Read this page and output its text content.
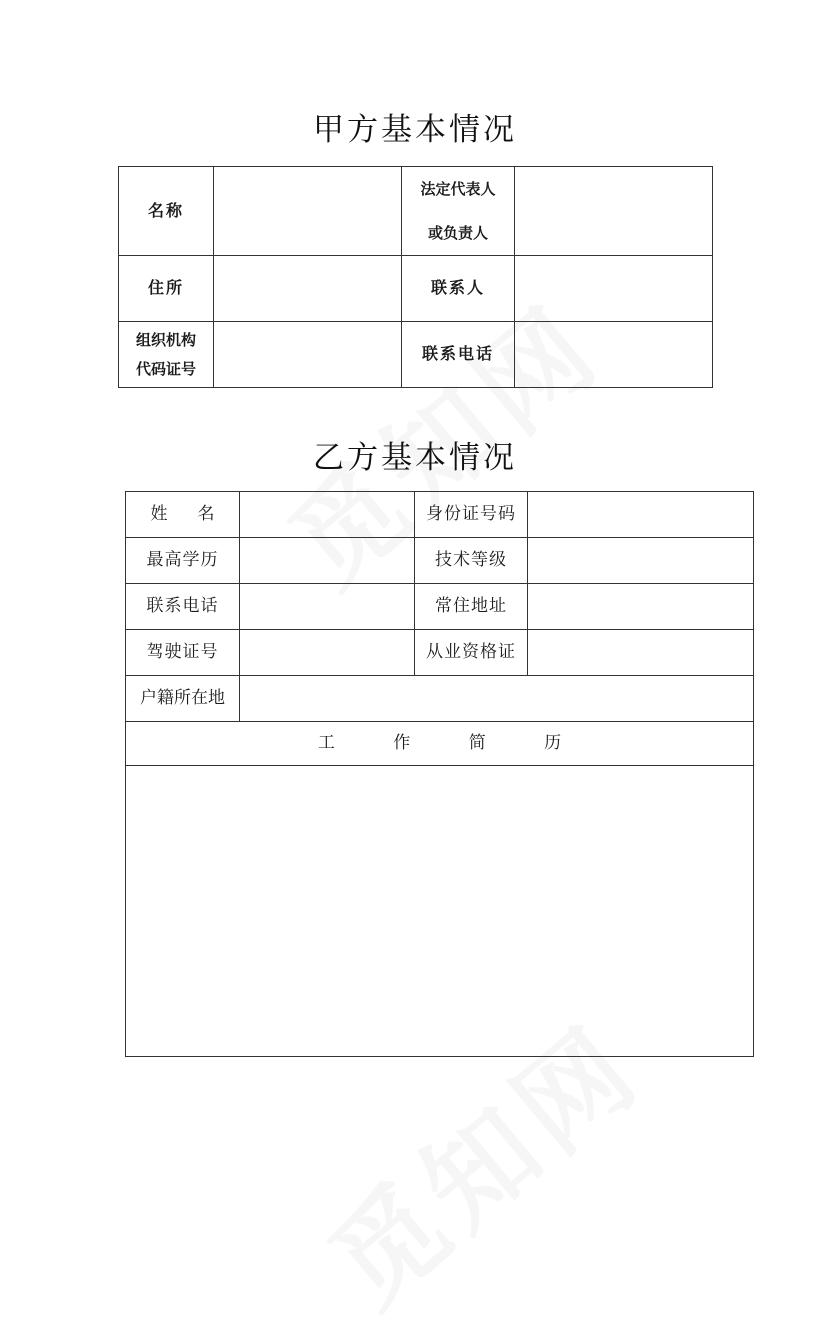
甲方基本情况
名称		法定代表人
或负责人	

住所		联系人	

组织机构
代码证号		联系电话	
乙方基本情况
姓名		身份证号码	
最高学历		技术等级	
联系电话		常住地址	
驾驶证号		从业资格证	
户籍所在地			
工 作 简 历			
